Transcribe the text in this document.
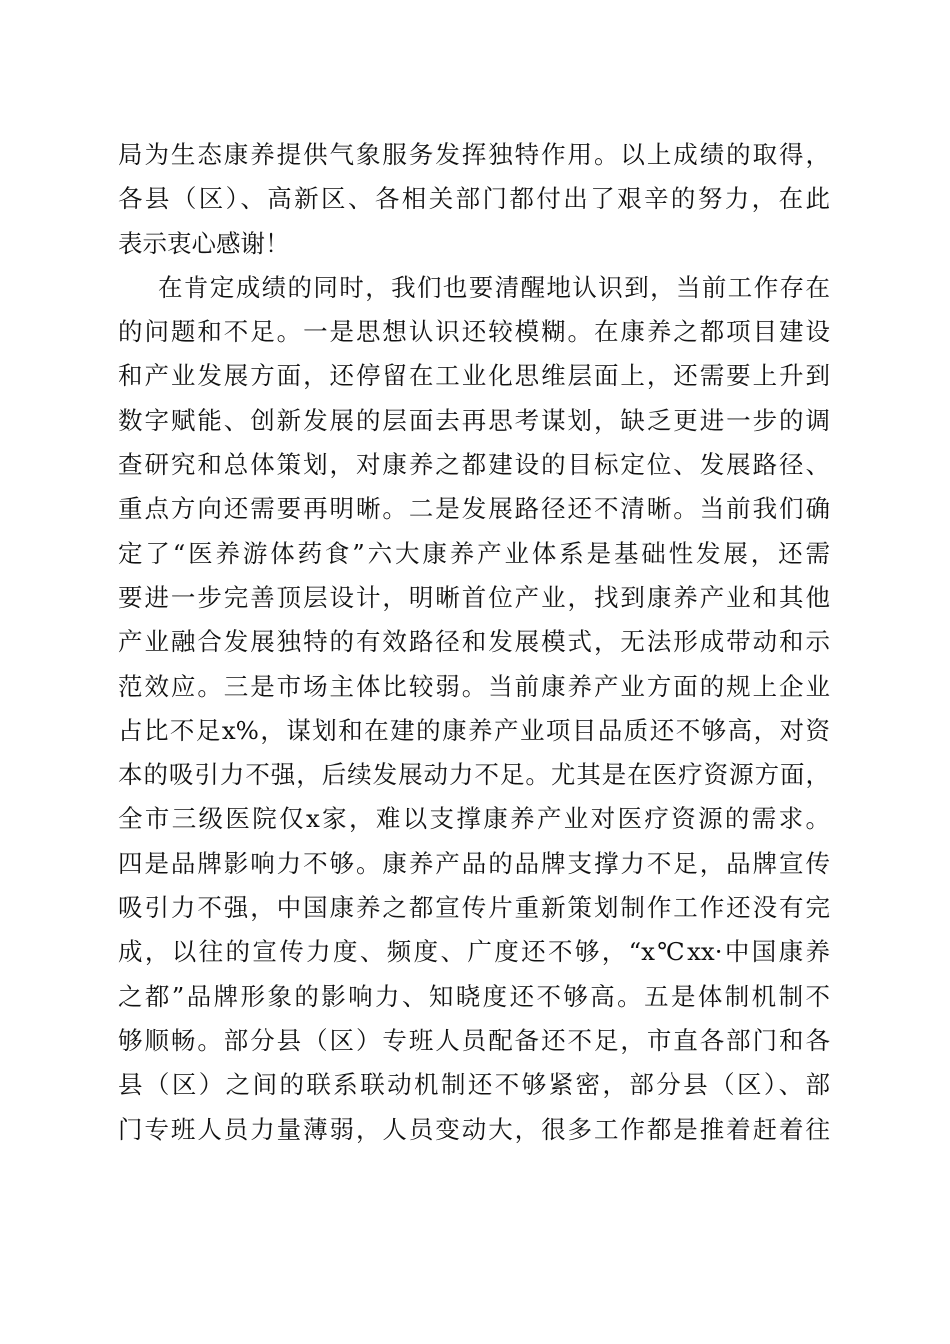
局为生态康养提供气象服务发挥独特作用。以上成绩的取得，
各县（区）、高新区、各相关部门都付出了艰辛的努力，在此
表示衷心感谢！
在肯定成绩的同时，我们也要清醒地认识到，当前工作存在
的问题和不足。一是思想认识还较模糊。在康养之都项目建设
和产业发展方面，还停留在工业化思维层面上，还需要上升到
数字赋能、创新发展的层面去再思考谋划，缺乏更进一步的调
查研究和总体策划，对康养之都建设的目标定位、发展路径、
重点方向还需要再明晰。二是发展路径还不清晰。当前我们确
定了“医养游体药食”六大康养产业体系是基础性发展，还需
要进一步完善顶层设计，明晰首位产业，找到康养产业和其他
产业融合发展独特的有效路径和发展模式，无法形成带动和示
范效应。三是市场主体比较弱。当前康养产业方面的规上企业
占比不足x%，谋划和在建的康养产业项目品质还不够高，对资
本的吸引力不强，后续发展动力不足。尤其是在医疗资源方面，
全市三级医院仅x家，难以支撑康养产业对医疗资源的需求。
四是品牌影响力不够。康养产品的品牌支撑力不足，品牌宣传
吸引力不强，中国康养之都宣传片重新策划制作工作还没有完
成，以往的宣传力度、频度、广度还不够，“x℃xx·中国康养
之都”品牌形象的影响力、知晓度还不够高。五是体制机制不
够顺畅。部分县（区）专班人员配备还不足，市直各部门和各
县（区）之间的联系联动机制还不够紧密，部分县（区）、部
门专班人员力量薄弱，人员变动大，很多工作都是推着赶着往
